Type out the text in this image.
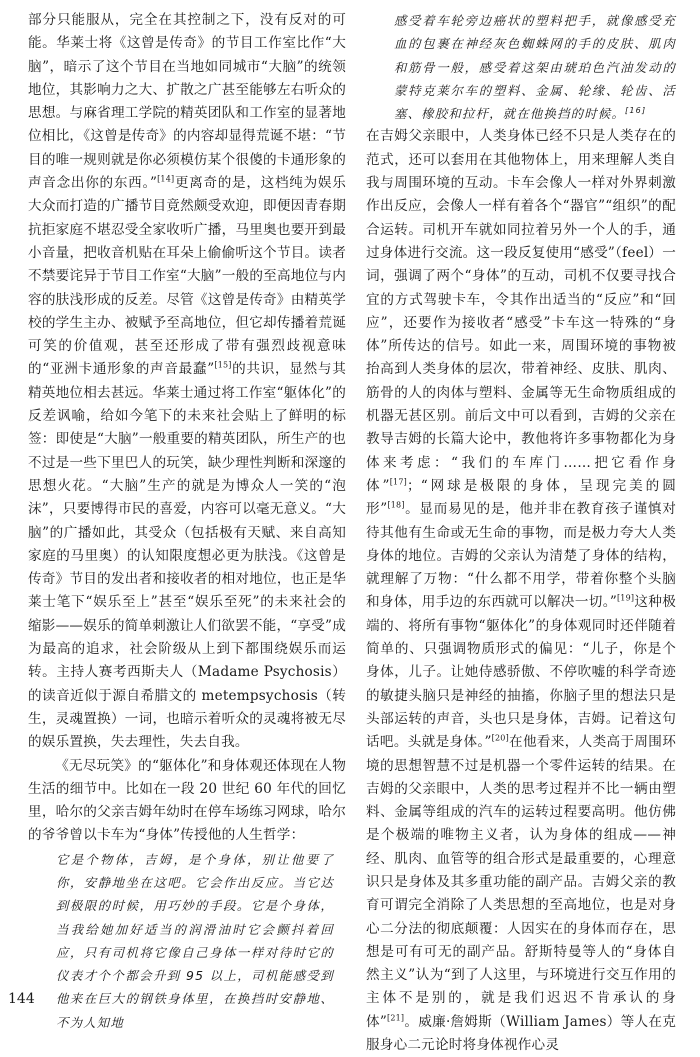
部分只能服从，完全在其控制之下，没有反对的可能。华莱士将《这曾是传奇》的节目工作室比作“大脑”，暗示了这个节目在当地如同城市“大脑”的统领地位，其影响力之大、扩散之广甚至能够左右听众的思想。与麻省理工学院的精英团队和工作室的显著地位相比，《这曾是传奇》的内容却显得荒诞不堪：“节目的唯一规则就是你必须模仿某个很傻的卡通形象的声音念出你的东西。”[14]更离奇的是，这档纯为娱乐大众而打造的广播节目竟然颇受欢迎，即便因青春期抗拒家庭不堪忍受全家收听广播，马里奥也要开到最小音量，把收音机贴在耳朵上偷偷听这个节目。读者不禁要诧异于节目工作室“大脑”一般的至高地位与内容的肤浅形成的反差。尽管《这曾是传奇》由精英学校的学生主办、被赋予至高地位，但它却传播着荒诞可笑的价值观，甚至还形成了带有强烈歧视意味的“亚洲卡通形象的声音最蠢”[15]的共识，显然与其精英地位相去甚远。华莱士通过将工作室“躯体化”的反差讽喻，给如今笔下的未来社会贴上了鲜明的标签：即使是“大脑”一般重要的精英团队，所生产的也不过是一些下里巴人的玩笑，缺少理性判断和深邃的思想火花。“大脑”生产的就是为博众人一笑的“泡沫”，只要博得市民的喜爱，内容可以毫无意义。“大脑”的广播如此，其受众（包括极有天赋、来自高知家庭的马里奥）的认知限度想必更为肤浅。《这曾是传奇》节目的发出者和接收者的相对地位，也正是华莱士笔下“娱乐至上”甚至“娱乐至死”的未来社会的缩影——娱乐的简单刺激让人们欲罢不能，“享受”成为最高的追求，社会阶级从上到下都围绕娱乐而运转。主持人赛考西斯夫人（Madame Psychosis）的读音近似于源自希腊文的 metempsychosis（转生，灵魂置换）一词，也暗示着听众的灵魂将被无尽的娱乐置换，失去理性，失去自我。

《无尽玩笑》的“躯体化”和身体观还体现在人物生活的细节中。比如在一段 20 世纪 60 年代的回忆里，哈尔的父亲吉姆年幼时在停车场练习网球，哈尔的爷爷曾以卡车为“身体”传授他的人生哲学：

它是个物体，吉姆，是个身体，别让他要了你，安静地坐在这吧。它会作出反应。当它达到极限的时候，用巧妙的手段。它是个身体，当我给她加好适当的润滑油时它会颤抖着回应，只有司机将它像自己身体一样对待时它的仪表才个个都会升到 95 以上，司机能感受到他来在巨大的钢铁身体里，在换挡时安静地、不为人知地

感受着车轮旁边癌状的塑料把手，就像感受充血的包裹在神经灰色蜘蛛网的手的皮肤、肌肉和筋骨一般，感受着这架由琥珀色汽油发动的蒙特克莱尔车的塑料、金属、轮缘、轮齿、活塞、橡胶和拉杆，就在他换挡的时候。[16]

在吉姆父亲眼中，人类身体已经不只是人类存在的范式，还可以套用在其他物体上，用来理解人类自我与周围环境的互动。卡车会像人一样对外界刺激作出反应，会像人一样有着各个“器官”“组织”的配合运转。司机开车就如同拉着另外一个人的手，通过身体进行交流。这一段反复使用“感受”（feel）一词，强调了两个“身体”的互动，司机不仅要寻找合宜的方式驾驶卡车，令其作出适当的“反应”和“回应”，还要作为接收者“感受”卡车这一特殊的“身体”所传达的信号。如此一来，周围环境的事物被抬高到人类身体的层次，带着神经、皮肤、肌肉、筋骨的人的肉体与塑料、金属等无生命物质组成的机器无甚区别。前后文中可以看到，吉姆的父亲在教导吉姆的长篇大论中，教他将许多事物都化为身体来考虑：“我们的车库门……把它看作身体”[17]；“网球是极限的身体，呈现完美的圆形”[18]。显而易见的是，他并非在教育孩子谨慎对待其他有生命或无生命的事物，而是极力夸大人类身体的地位。吉姆的父亲认为清楚了身体的结构，就理解了万物：“什么都不用学，带着你整个头脑和身体，用手边的东西就可以解决一切。”[19]这种极端的、将所有事物“躯体化”的身体观同时还伴随着简单的、只强调物质形式的偏见：“儿子，你是个身体，儿子。让她侍感骄傲、不停吹嘘的科学奇迹的敏捷头脑只是神经的抽搐，你脑子里的想法只是头部运转的声音，头也只是身体，吉姆。记着这句话吧。头就是身体。”[20]在他看来，人类高于周围环境的思想智慧不过是机器一个零件运转的结果。在吉姆的父亲眼中，人类的思考过程并不比一辆由塑料、金属等组成的汽车的运转过程要高明。他仿佛是个极端的唯物主义者，认为身体的组成——神经、肌肉、血管等的组合形式是最重要的，心理意识只是身体及其多重功能的副产品。吉姆父亲的教育可谓完全消除了人类思想的至高地位，也是对身心二分法的彻底颠覆：人因实在的身体而存在，思想是可有可无的副产品。舒斯特曼等人的“身体自然主义”认为“到了人这里，与环境进行交互作用的主体不是别的，就是我们迟迟不肯承认的身体”[21]。威廉·詹姆斯（William James）等人在克服身心二元论时将身体视作心灵

144
